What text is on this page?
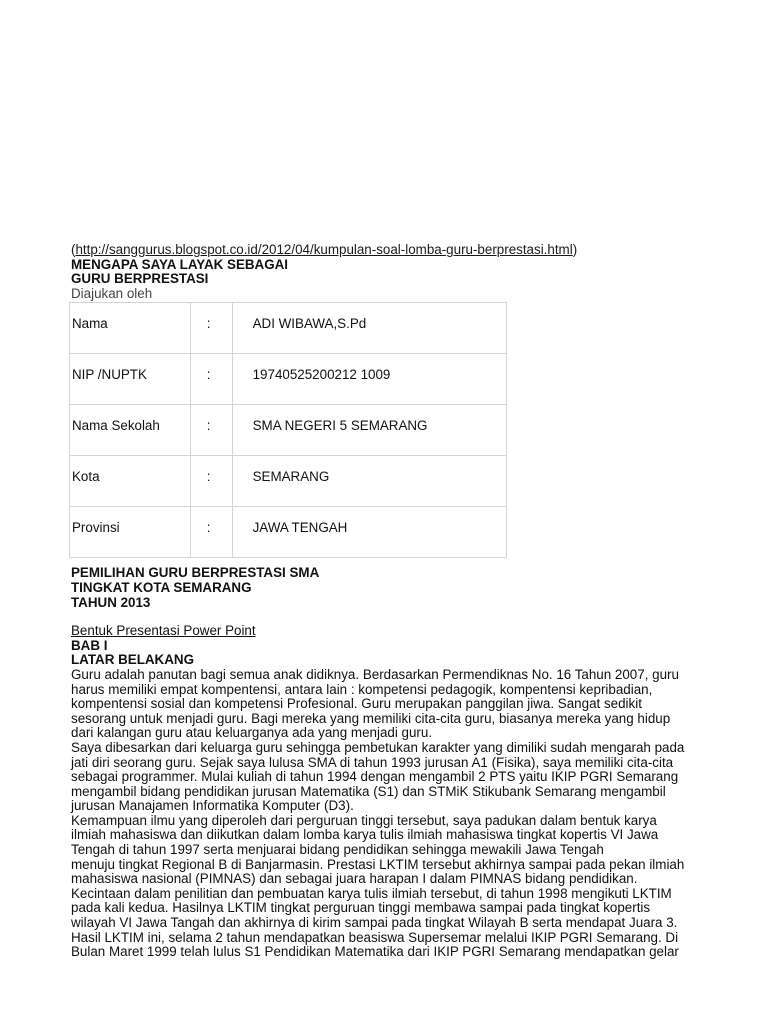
(http://sanggurus.blogspot.co.id/2012/04/kumpulan-soal-lomba-guru-berprestasi.html)
MENGAPA SAYA LAYAK SEBAGAI
GURU BERPRESTASI
Diajukan oleh
Nama	:	ADI WIBAWA,S.Pd
NIP /NUPTK	:	19740525200212 1009
Nama Sekolah	:	SMA NEGERI 5 SEMARANG
Kota	:	SEMARANG
Provinsi	:	JAWA TENGAH
PEMILIHAN GURU BERPRESTASI SMA
TINGKAT KOTA SEMARANG
TAHUN 2013
Bentuk Presentasi Power Point
BAB I
LATAR BELAKANG
Guru adalah panutan bagi semua anak didiknya. Berdasarkan Permendiknas No. 16 Tahun 2007, guru
harus memiliki empat kompentensi, antara lain : kompetensi pedagogik, kompentensi kepribadian,
kompentensi sosial dan kompetensi Profesional. Guru merupakan panggilan jiwa. Sangat sedikit
sesorang untuk menjadi guru. Bagi mereka yang memiliki cita-cita guru, biasanya mereka yang hidup
dari kalangan guru atau keluarganya ada yang menjadi guru.
Saya dibesarkan dari keluarga guru sehingga pembetukan karakter yang dimiliki sudah mengarah pada
jati diri seorang guru. Sejak saya lulusa SMA di tahun 1993 jurusan A1 (Fisika), saya memiliki cita-cita
sebagai programmer. Mulai kuliah di tahun 1994 dengan mengambil 2 PTS yaitu IKIP PGRI Semarang
mengambil bidang pendidikan jurusan Matematika (S1) dan STMiK Stikubank Semarang mengambil
jurusan Manajamen Informatika Komputer (D3).
Kemampuan ilmu yang diperoleh dari perguruan tinggi tersebut, saya padukan dalam bentuk karya
ilmiah mahasiswa dan diikutkan dalam lomba karya tulis ilmiah mahasiswa tingkat kopertis VI Jawa
Tengah di tahun 1997 serta menjuarai bidang pendidikan sehingga mewakili Jawa Tengah
menuju tingkat Regional B di Banjarmasin. Prestasi LKTIM tersebut akhirnya sampai pada pekan ilmiah
mahasiswa nasional (PIMNAS) dan sebagai juara harapan I dalam PIMNAS bidang pendidikan.
Kecintaan dalam penilitian dan pembuatan karya tulis ilmiah tersebut, di tahun 1998 mengikuti LKTIM
pada kali kedua. Hasilnya LKTIM tingkat perguruan tinggi membawa sampai pada tingkat kopertis
wilayah VI Jawa Tangah dan akhirnya di kirim sampai pada tingkat Wilayah B serta mendapat Juara 3.
Hasil LKTIM ini, selama 2 tahun mendapatkan beasiswa Supersemar melalui IKIP PGRI Semarang. Di
Bulan Maret 1999 telah lulus S1 Pendidikan Matematika dari IKIP PGRI Semarang mendapatkan gelar
